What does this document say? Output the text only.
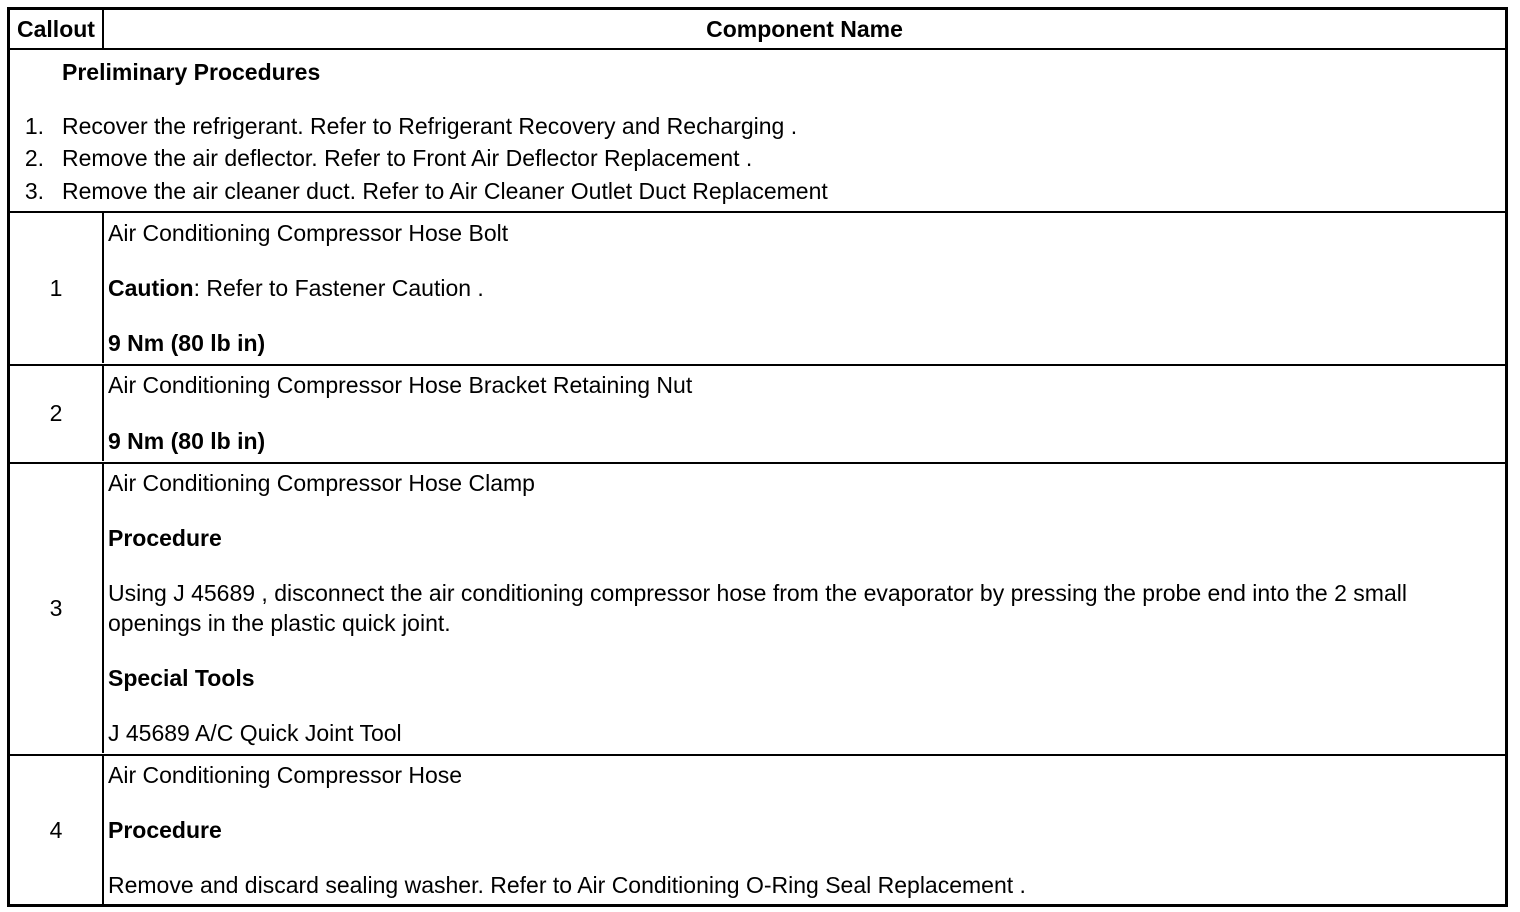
Callout	Component Name
Preliminary Procedures
1. Recover the refrigerant. Refer to Refrigerant Recovery and Recharging .
2. Remove the air deflector. Refer to Front Air Deflector Replacement .
3. Remove the air cleaner duct. Refer to Air Cleaner Outlet Duct Replacement
1
Air Conditioning Compressor Hose Bolt
Caution: Refer to Fastener Caution .
9 Nm (80 lb in)
2
Air Conditioning Compressor Hose Bracket Retaining Nut
9 Nm (80 lb in)
3
Air Conditioning Compressor Hose Clamp
Procedure
Using J 45689 , disconnect the air conditioning compressor hose from the evaporator by pressing the probe end into the 2 small openings in the plastic quick joint.
Special Tools
J 45689 A/C Quick Joint Tool
4
Air Conditioning Compressor Hose
Procedure
Remove and discard sealing washer. Refer to Air Conditioning O-Ring Seal Replacement .
